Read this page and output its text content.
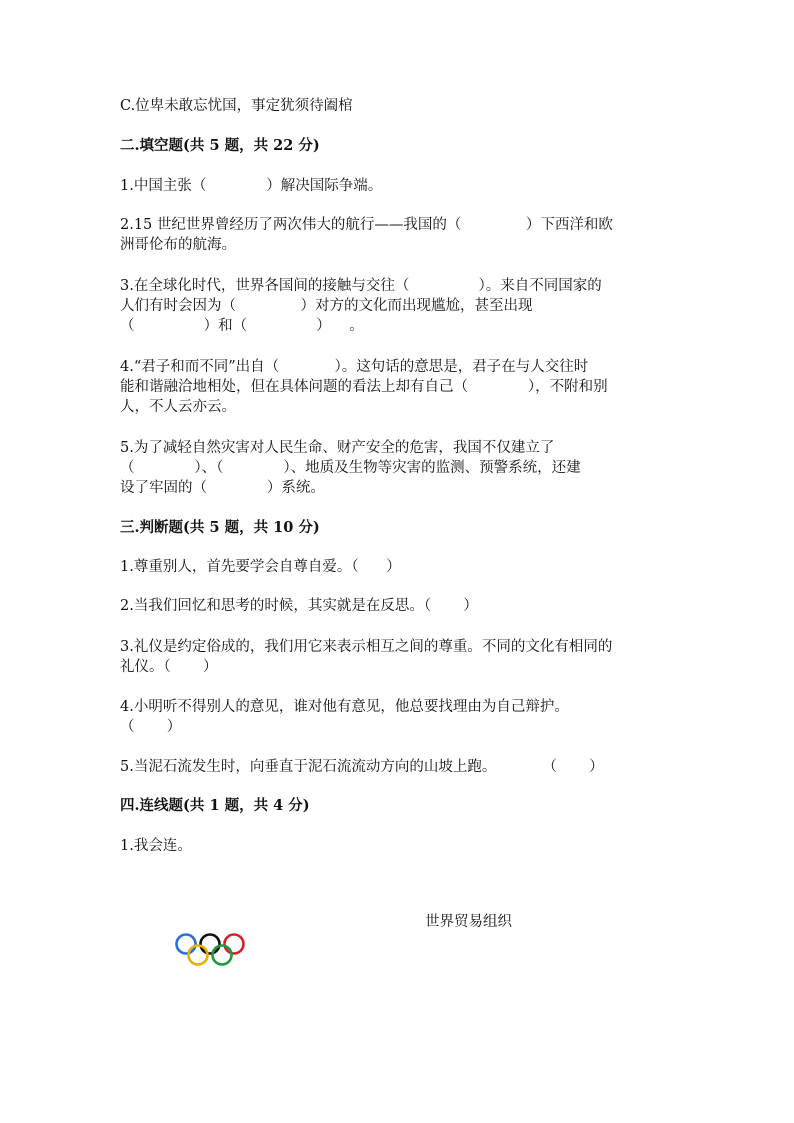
C.位卑未敢忘忧国，事定犹须待阖棺
二.填空题(共 5 题，共 22 分)
1.中国主张（             ）解决国际争端。
2.15 世纪世界曾经历了两次伟大的航行——我国的（              ）下西洋和欧
洲哥伦布的航海。
3.在全球化时代，世界各国间的接触与交往（               ）。来自不同国家的
人们有时会因为（              ）对方的文化而出现尴尬，甚至出现
（               ）和（               ）    。
4.“君子和而不同”出自（            ）。这句话的意思是，君子在与人交往时
能和谐融洽地相处，但在具体问题的看法上却有自己（             ），不附和别
人，不人云亦云。
5.为了减轻自然灾害对人民生命、财产安全的危害，我国不仅建立了
（             ）、（             ）、地质及生物等灾害的监测、预警系统，还建
设了牢固的（             ）系统。
三.判断题(共 5 题，共 10 分)
1.尊重别人，首先要学会自尊自爱。（      ）
2.当我们回忆和思考的时候，其实就是在反思。（       ）
3.礼仪是约定俗成的，我们用它来表示相互之间的尊重。不同的文化有相同的
礼仪。（       ）
4.小明听不得别人的意见，谁对他有意见，他总要找理由为自己辩护。
（       ）
5.当泥石流发生时，向垂直于泥石流流动方向的山坡上跑。          （       ）
四.连线题(共 1 题，共 4 分)
1.我会连。
世界贸易组织
